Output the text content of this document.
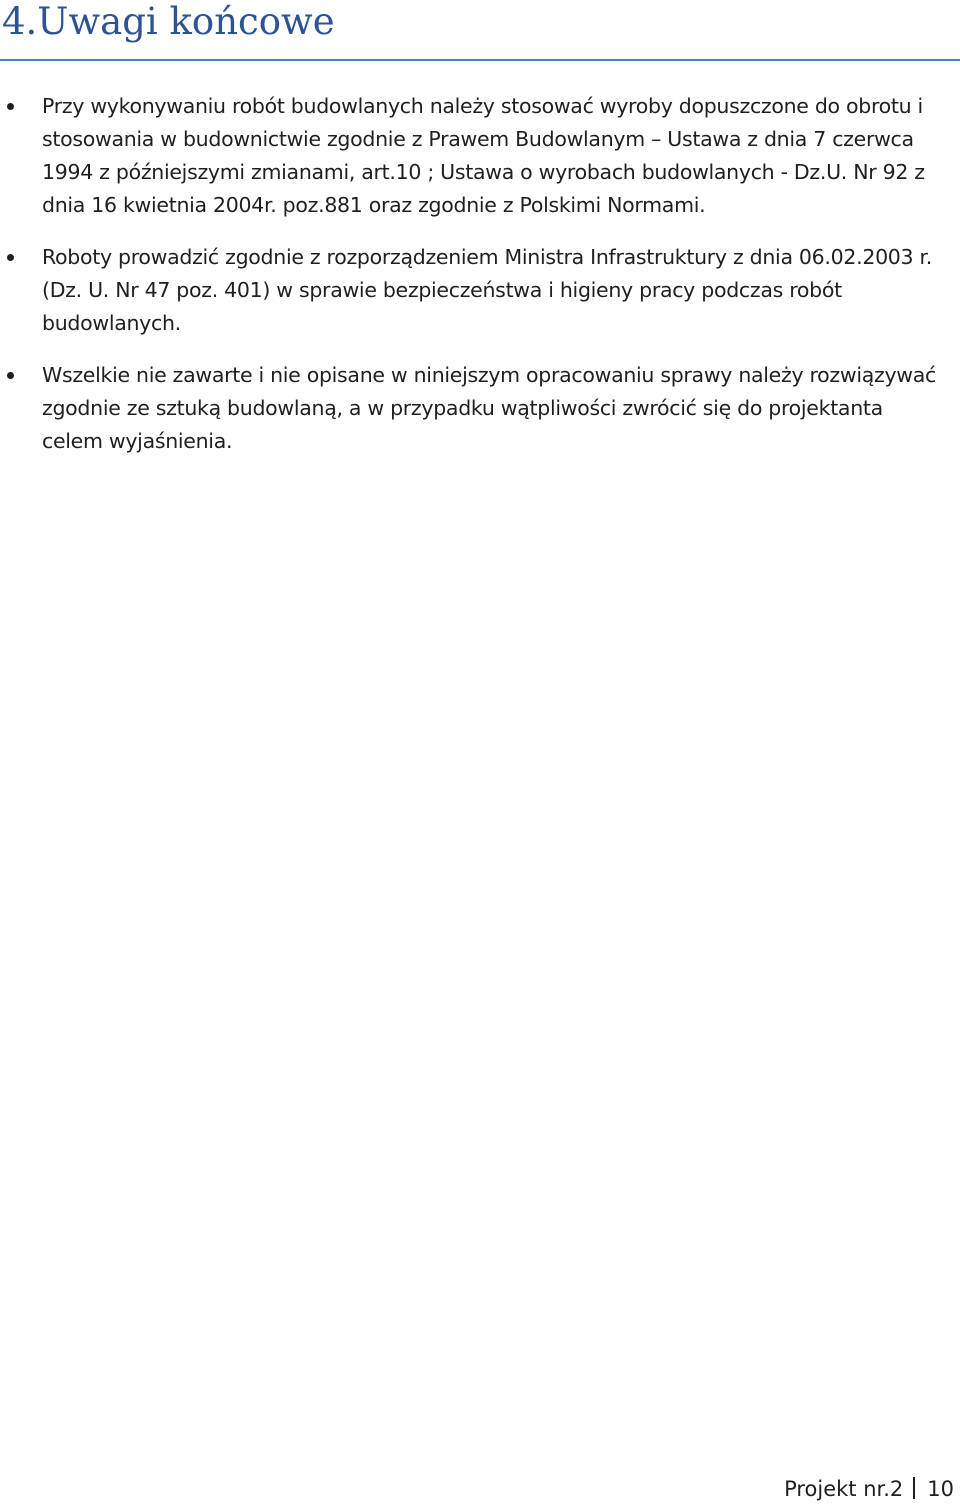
4.Uwagi końcowe
Przy wykonywaniu robót budowlanych należy stosować wyroby dopuszczone do obrotu i stosowania w budownictwie zgodnie z Prawem Budowlanym – Ustawa z dnia 7 czerwca 1994 z późniejszymi zmianami, art.10 ; Ustawa o wyrobach budowlanych - Dz.U. Nr 92 z dnia 16 kwietnia 2004r. poz.881 oraz zgodnie z Polskimi Normami.
Roboty prowadzić zgodnie z rozporządzeniem Ministra Infrastruktury z dnia 06.02.2003 r. (Dz. U. Nr 47 poz. 401) w sprawie bezpieczeństwa i higieny pracy podczas robót budowlanych.
Wszelkie nie zawarte i nie opisane w niniejszym opracowaniu sprawy należy rozwiązywać zgodnie ze sztuką budowlaną, a w przypadku wątpliwości zwrócić się do projektanta celem wyjaśnienia.
Projekt nr.2 10
